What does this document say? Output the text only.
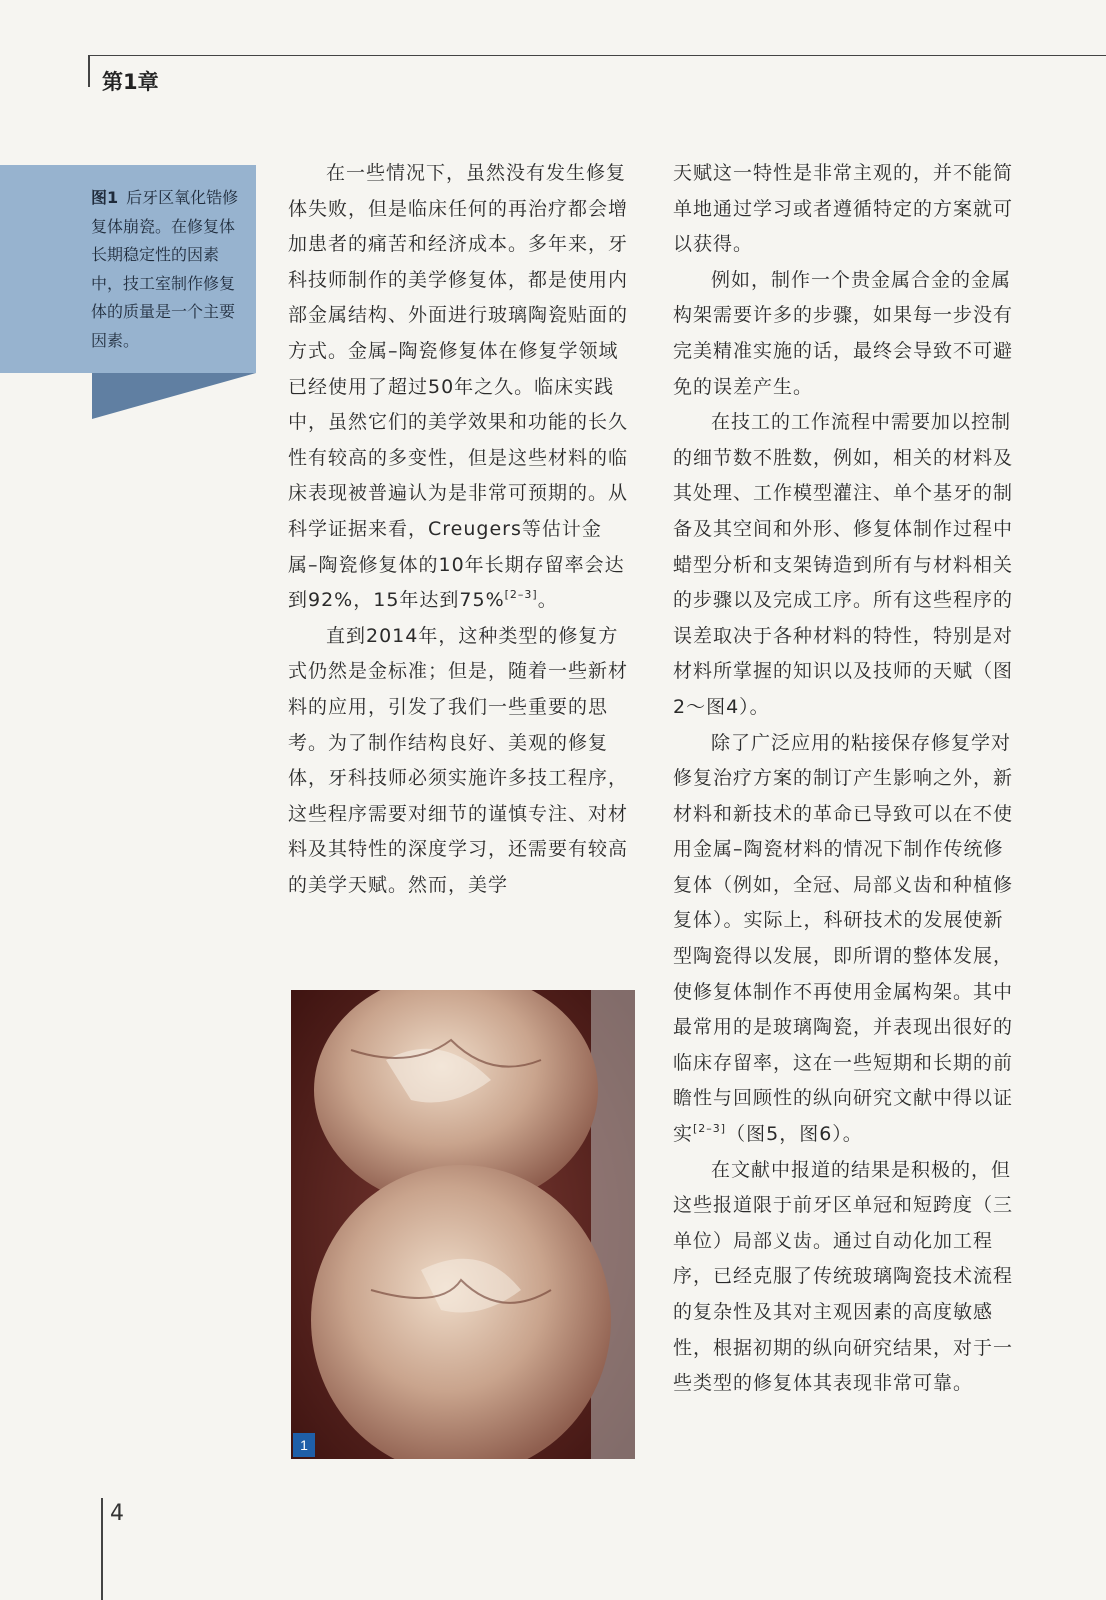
第1章
图1 后牙区氧化锆修复体崩瓷。在修复体长期稳定性的因素中，技工室制作修复体的质量是一个主要因素。

在一些情况下，虽然没有发生修复体失败，但是临床任何的再治疗都会增加患者的痛苦和经济成本。多年来，牙科技师制作的美学修复体，都是使用内部金属结构、外面进行玻璃陶瓷贴面的方式。金属–陶瓷修复体在修复学领域已经使用了超过50年之久。临床实践中，虽然它们的美学效果和功能的长久性有较高的多变性，但是这些材料的临床表现被普遍认为是非常可预期的。从科学证据来看，Creugers等估计金属–陶瓷修复体的10年长期存留率会达到92%，15年达到75%[2–3]。

直到2014年，这种类型的修复方式仍然是金标准；但是，随着一些新材料的应用，引发了我们一些重要的思考。为了制作结构良好、美观的修复体，牙科技师必须实施许多技工程序，这些程序需要对细节的谨慎专注、对材料及其特性的深度学习，还需要有较高的美学天赋。然而，美学

1

天赋这一特性是非常主观的，并不能简单地通过学习或者遵循特定的方案就可以获得。

例如，制作一个贵金属合金的金属构架需要许多的步骤，如果每一步没有完美精准实施的话，最终会导致不可避免的误差产生。

在技工的工作流程中需要加以控制的细节数不胜数，例如，相关的材料及其处理、工作模型灌注、单个基牙的制备及其空间和外形、修复体制作过程中蜡型分析和支架铸造到所有与材料相关的步骤以及完成工序。所有这些程序的误差取决于各种材料的特性，特别是对材料所掌握的知识以及技师的天赋（图2～图4）。

除了广泛应用的粘接保存修复学对修复治疗方案的制订产生影响之外，新材料和新技术的革命已导致可以在不使用金属–陶瓷材料的情况下制作传统修复体（例如，全冠、局部义齿和种植修复体）。实际上，科研技术的发展使新型陶瓷得以发展，即所谓的整体发展，使修复体制作不再使用金属构架。其中最常用的是玻璃陶瓷，并表现出很好的临床存留率，这在一些短期和长期的前瞻性与回顾性的纵向研究文献中得以证实[2–3]（图5，图6）。

在文献中报道的结果是积极的，但这些报道限于前牙区单冠和短跨度（三单位）局部义齿。通过自动化加工程序，已经克服了传统玻璃陶瓷技术流程的复杂性及其对主观因素的高度敏感性，根据初期的纵向研究结果，对于一些类型的修复体其表现非常可靠。

4
